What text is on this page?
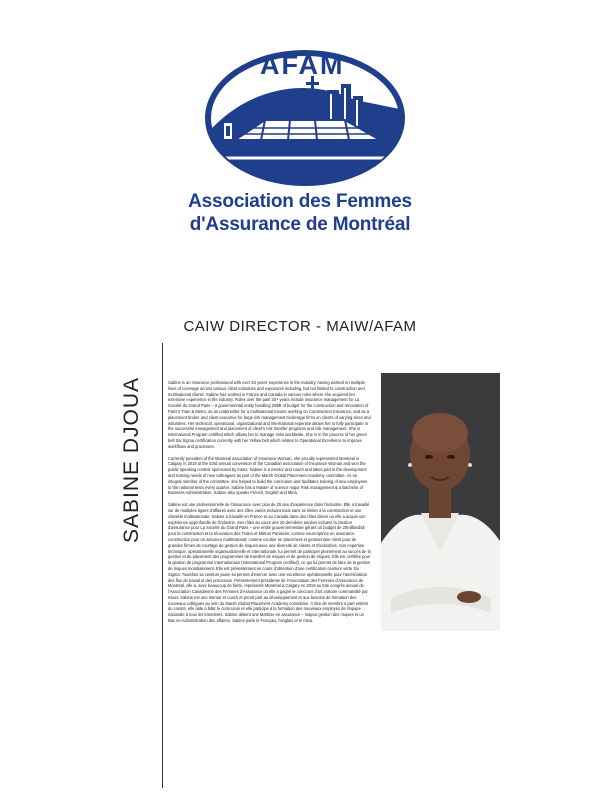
AFAM
Association des Femmes
d'Assurance de Montréal
CAIW DIRECTOR - MAIW/AFAM
SABINE DJOUA	Sabine is an insurance professional with over 20 years' experience in the industry, having worked on multiple lines of coverage across various client industries and exposures including, but not limited to construction and multinational clients. Sabine has worked in France and Canada in various roles where she acquired her extensive experience in the industry. Roles over the past 20+ years include insurance management for La Société du Grand Paris – a governmental entity handling 20$B of budget for the construction and renovation of Paris's Train & Metro, as an underwriter for a multinational insurer working on Construction Insurance, and as a placement broker and client executive for large risk management brokerage firms on clients of varying sizes and industries. Her technical, operational, organizational and international expertise allows her to fully participate in the successful management and placement of client's risk transfer programs and risk management. She is International Program certified which allows her to manage risks worldwide. She is in the process of her green belt Six Sigma certification currently with her Yellow belt which relates to Operational Excellence to improve workflows and processes.

Currently president of the Montreal association of Insurance Woman, she proudly represented Montreal in Calgary in 2019 at the 53rd annual convention of the Canadian association of Insurance Woman and won the public speaking contest sponsored by Intact. Sabine is a mentor and coach and takes part in the development and training needs of new colleagues as part of the Marsh Global Placement Academy committee. As an integral member of the committee, she helped to build the curriculum and facilitates training of new employees to the national team every quarter. Sabine has a Master of science major Risk management & a Bachelor of Business Administration. Sabine also speaks French, English and Mina.

Sabine est une professionnelle de l'assurance avec plus de 20 ans d'expérience dans l'industrie. Elle a travaillé sur de multiples lignes d'affaires avec des rôles variés incluant mais sans se limiter à la construction et une clientèle multinationale. Sabine a travaillé en France et au Canada dans des rôles divers où elle a acquis son expérience approfondie de l'industrie. Ses rôles au cours des 20 dernières années incluent la Gestion d'assurance pour La Société du Grand Paris – une entité gouvernementale gérant un budget de 20milliards$ pour la construction et la rénovation des Trains et Métros Parisiens; comme souscriptrice en assurance construction pour un assureur multinational; comme courtier en placement et gestionnaire client pour de grandes firmes de courtage de gestion de risques avec une diversité de clients et d'industries. Son expertise technique, opérationnelle organisationnelle et internationale, lui permet de participer pleinement au succès de la gestion et du placement des programmes de transfert de risques et de gestion de risques. Elle est certifiée pour la gestion de programme internationaux (International Program certified), ce qui lui permet de faire de la gestion de risques mondialement. Elle est présentement en cours d'obtention d'une certification ceinture verte Six Sigma. Toutefois sa ceinture jaune lui permet d'exercer avec une excellence opérationnelle pour l'amélioration des flux de travail et des processus. Présentement présidente de l'Association des Femmes d'Assurance de Montréal, elle a, avec beaucoup de fierté, représenté Montréal à Calgary en 2019 au 53e congrès annuel de l'Association Canadienne des Femmes d'Assurance où elle a gagné le concours d'art oratoire commandité par Intact. Sabine est une mentor et coach et prend part au développement et aux besoins de formation des nouveaux collègues au sein du Marsh Global Placement Academy committee. À titre de membre à part entière du comité, elle aide à bâtir le curriculum et elle participe à la formation des nouveaux employés de l'équipe nationale à tous les trimestres. Sabine détient une Maîtrise en assurance – majeur gestion des risques et un Bac en Administration des affaires. Sabine parle le Français, l'anglais et le mina.
